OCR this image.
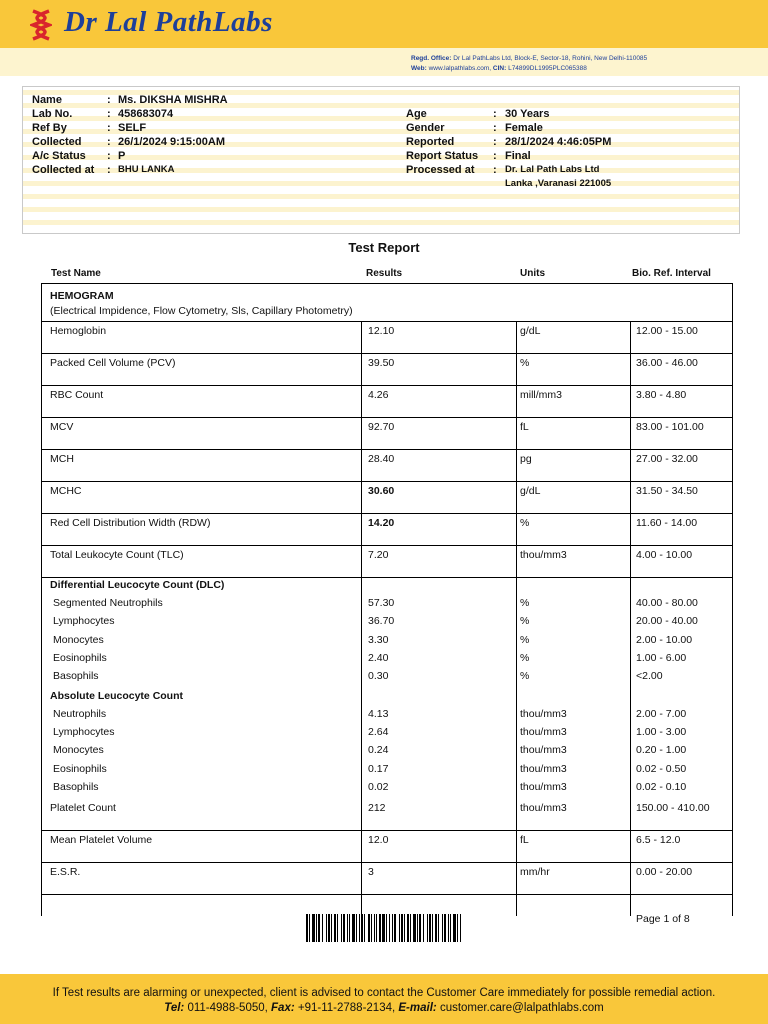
Dr Lal PathLabs
Regd. Office: Dr Lal PathLabs Ltd, Block-E, Sector-18, Rohini, New Delhi-110085
Web: www.lalpathlabs.com, CIN: L74899DL1995PLC065388
Test Report
Test Name	Results	Units	Bio. Ref. Interval
HEMOGRAM
(Electrical Impidence, Flow Cytometry, Sls, Capillary Photometry)
Hemoglobin	12.10	g/dL	12.00 - 15.00
Packed Cell Volume (PCV)	39.50	%	36.00 - 46.00
RBC Count	4.26	mill/mm3	3.80 - 4.80
MCV	92.70	fL	83.00 - 101.00
MCH	28.40	pg	27.00 - 32.00
MCHC	30.60	g/dL	31.50 - 34.50
Red Cell Distribution Width (RDW)	14.20	%	11.60 - 14.00
Total Leukocyte Count (TLC)	7.20	thou/mm3	4.00 - 10.00
Differential Leucocyte Count (DLC)
Segmented Neutrophils	57.30	%	40.00 - 80.00
Lymphocytes	36.70	%	20.00 - 40.00
Monocytes	3.30	%	2.00 - 10.00
Eosinophils	2.40	%	1.00 - 6.00
Basophils	0.30	%	<2.00
Absolute Leucocyte Count
Neutrophils	4.13	thou/mm3	2.00 - 7.00
Lymphocytes	2.64	thou/mm3	1.00 - 3.00
Monocytes	0.24	thou/mm3	0.20 - 1.00
Eosinophils	0.17	thou/mm3	0.02 - 0.50
Basophils	0.02	thou/mm3	0.02 - 0.10
Platelet Count	212	thou/mm3	150.00 - 410.00
Mean Platelet Volume	12.0	fL	6.5 - 12.0
E.S.R.	3	mm/hr	0.00 - 20.00
Page 1 of 8
If Test results are alarming or unexpected, client is advised to contact the Customer Care immediately for possible remedial action.
Tel: 011-4988-5050, Fax: +91-11-2788-2134, E-mail: customer.care@lalpathlabs.com
Name	: Ms. DIKSHA MISHRA
Lab No.	: 458683074
Ref By	: SELF
Collected : 26/1/2024 9:15:00AM
A/c Status : P
Collected at : BHU LANKA
Age	: 30 Years
Gender	: Female
Reported	: 28/1/2024 4:46:05PM
Report Status : Final
Processed at : Dr. Lal Path Labs Ltd
Lanka ,Varanasi 221005
